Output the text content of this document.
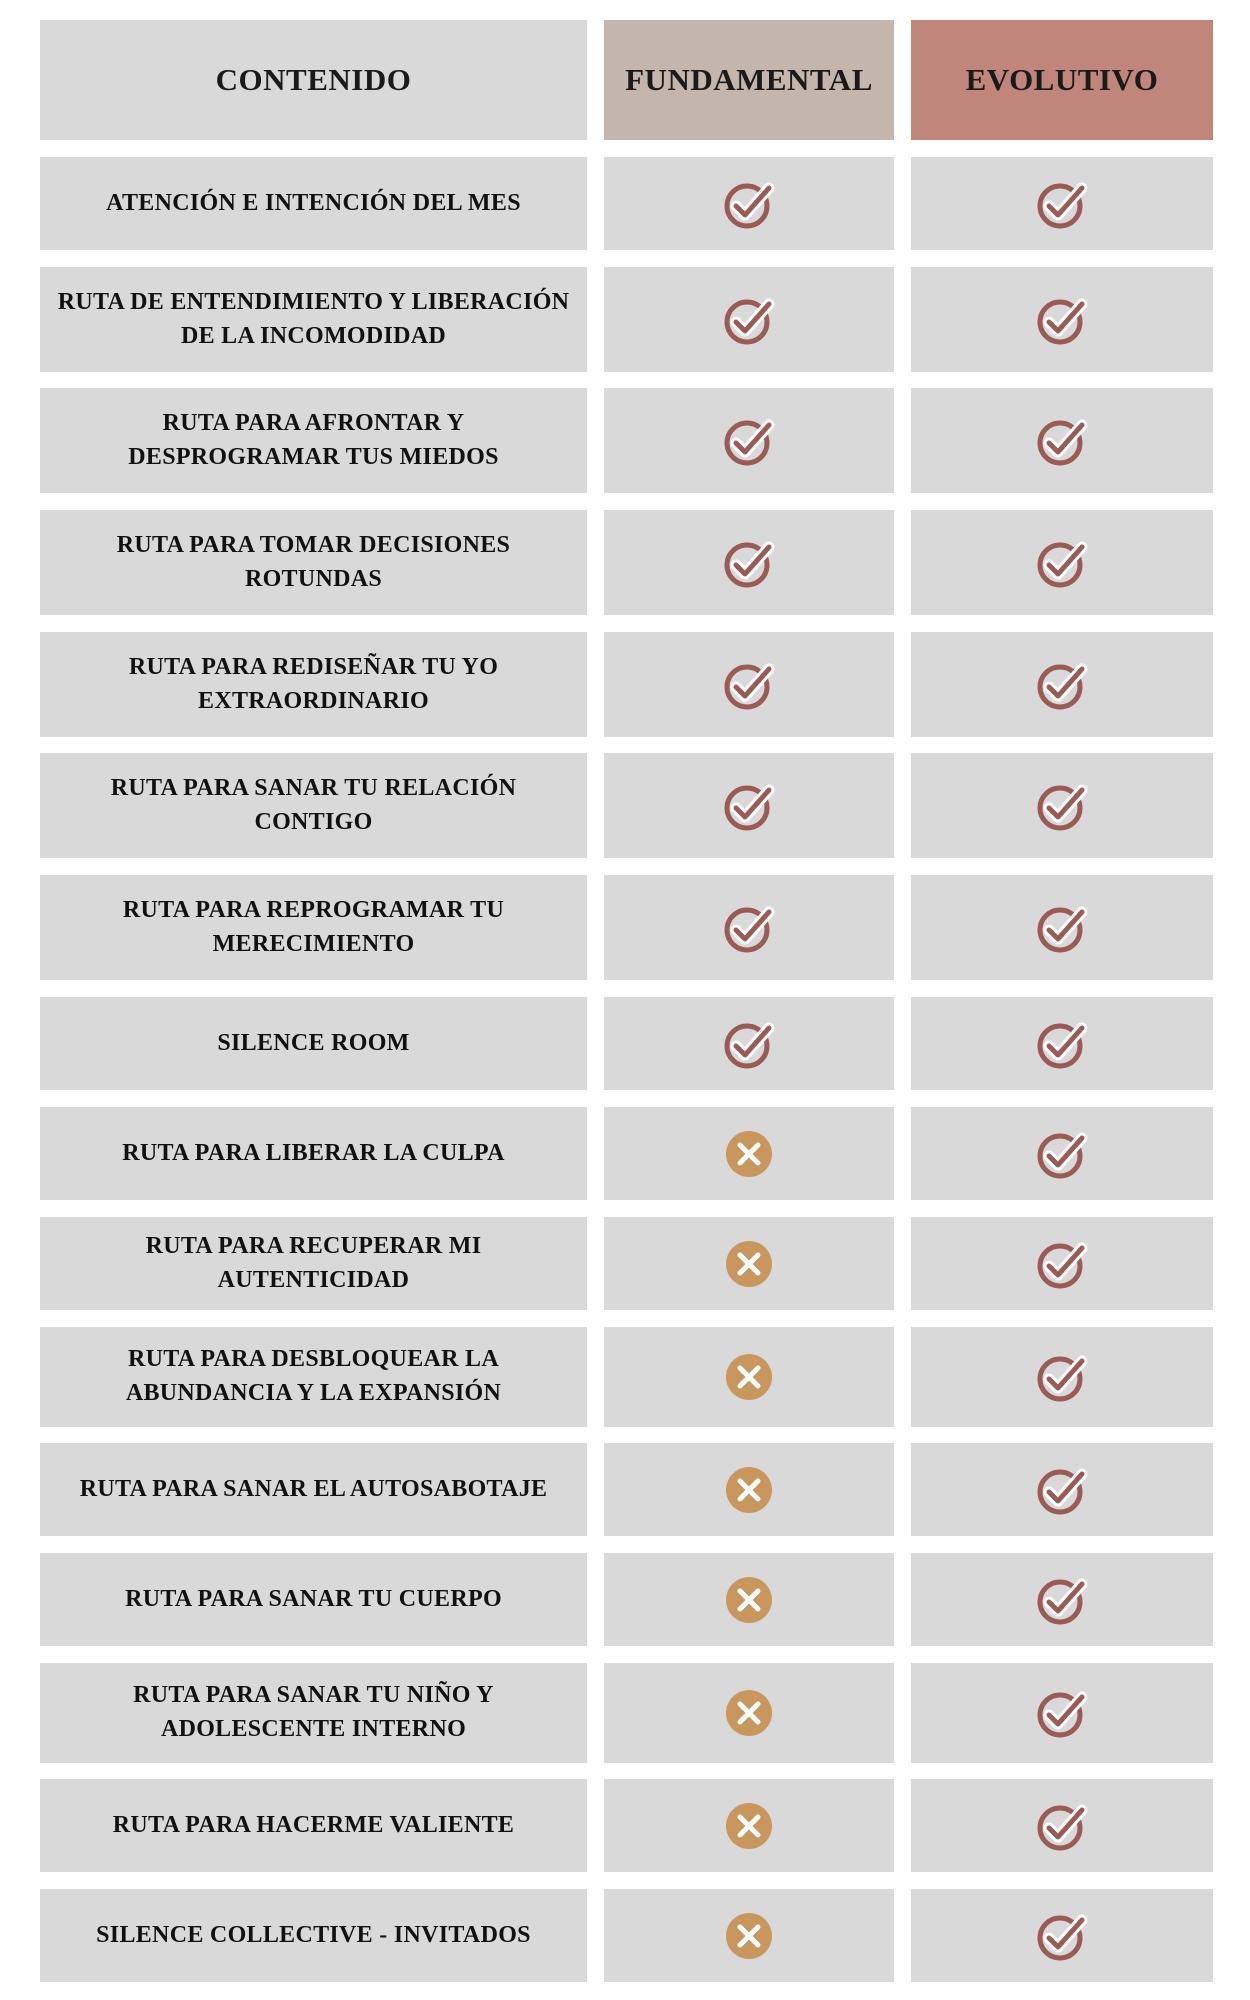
CONTENIDO	FUNDAMENTAL	EVOLUTIVO
ATENCIÓN E INTENCIÓN DEL MES
RUTA DE ENTENDIMIENTO Y LIBERACIÓN DE LA INCOMODIDAD
RUTA PARA AFRONTAR Y DESPROGRAMAR TUS MIEDOS
RUTA PARA TOMAR DECISIONES ROTUNDAS
RUTA PARA REDISEÑAR TU YO EXTRAORDINARIO
RUTA PARA SANAR TU RELACIÓN CONTIGO
RUTA PARA REPROGRAMAR TU MERECIMIENTO
SILENCE ROOM
RUTA PARA LIBERAR LA CULPA
RUTA PARA RECUPERAR MI AUTENTICIDAD
RUTA PARA DESBLOQUEAR LA ABUNDANCIA Y LA EXPANSIÓN
RUTA PARA SANAR EL AUTOSABOTAJE
RUTA PARA SANAR TU CUERPO
RUTA PARA SANAR TU NIÑO Y ADOLESCENTE INTERNO
RUTA PARA HACERME VALIENTE
SILENCE COLLECTIVE - INVITADOS
